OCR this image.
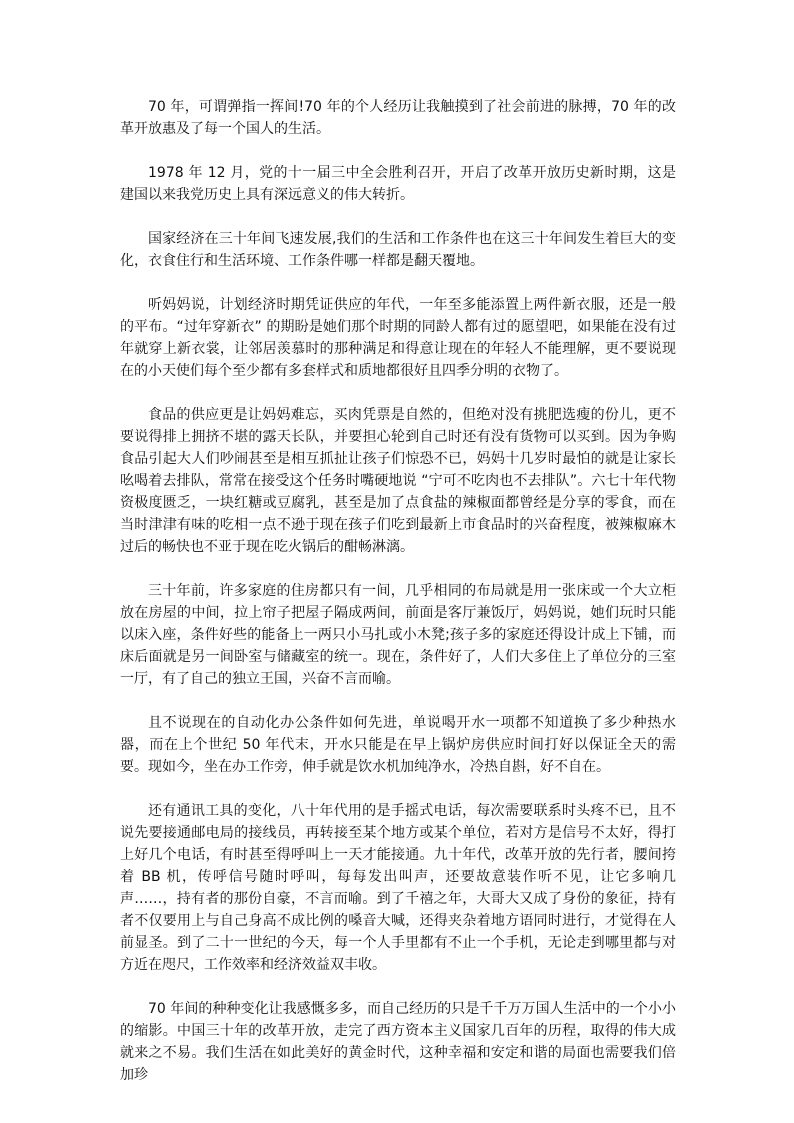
70 年，可谓弹指一挥间!70 年的个人经历让我触摸到了社会前进的脉搏，70 年的改革开放惠及了每一个国人的生活。

1978 年 12 月，党的十一届三中全会胜利召开，开启了改革开放历史新时期，这是建国以来我党历史上具有深远意义的伟大转折。

国家经济在三十年间飞速发展,我们的生活和工作条件也在这三十年间发生着巨大的变化，衣食住行和生活环境、工作条件哪一样都是翻天覆地。

听妈妈说，计划经济时期凭证供应的年代，一年至多能添置上两件新衣服，还是一般的平布。“过年穿新衣” 的期盼是她们那个时期的同龄人都有过的愿望吧，如果能在没有过年就穿上新衣裳，让邻居羡慕时的那种满足和得意让现在的年轻人不能理解，更不要说现在的小天使们每个至少都有多套样式和质地都很好且四季分明的衣物了。

食品的供应更是让妈妈难忘，买肉凭票是自然的，但绝对没有挑肥选瘦的份儿，更不要说得排上拥挤不堪的露天长队，并要担心轮到自己时还有没有货物可以买到。因为争购食品引起大人们吵闹甚至是相互抓扯让孩子们惊恐不已，妈妈十几岁时最怕的就是让家长吆喝着去排队，常常在接受这个任务时嘴硬地说 “宁可不吃肉也不去排队”。六七十年代物资极度匮乏，一块红糖或豆腐乳，甚至是加了点食盐的辣椒面都曾经是分享的零食，而在当时津津有味的吃相一点不逊于现在孩子们吃到最新上市食品时的兴奋程度，被辣椒麻木过后的畅快也不亚于现在吃火锅后的酣畅淋漓。

三十年前，许多家庭的住房都只有一间，几乎相同的布局就是用一张床或一个大立柜放在房屋的中间，拉上帘子把屋子隔成两间，前面是客厅兼饭厅，妈妈说，她们玩时只能以床入座，条件好些的能备上一两只小马扎或小木凳;孩子多的家庭还得设计成上下铺，而床后面就是另一间卧室与储藏室的统一。现在，条件好了，人们大多住上了单位分的三室一厅，有了自己的独立王国，兴奋不言而喻。

且不说现在的自动化办公条件如何先进，单说喝开水一项都不知道换了多少种热水器，而在上个世纪 50 年代末，开水只能是在早上锅炉房供应时间打好以保证全天的需要。现如今，坐在办工作旁，伸手就是饮水机加纯净水，冷热自斟，好不自在。

还有通讯工具的变化，八十年代用的是手摇式电话，每次需要联系时头疼不已，且不说先要接通邮电局的接线员，再转接至某个地方或某个单位，若对方是信号不太好，得打上好几个电话，有时甚至得呼叫上一天才能接通。九十年代，改革开放的先行者，腰间挎着 BB 机，传呼信号随时呼叫，每每发出叫声，还要故意装作听不见，让它多响几声……，持有者的那份自豪，不言而喻。到了千禧之年，大哥大又成了身份的象征，持有者不仅要用上与自己身高不成比例的嗓音大喊，还得夹杂着地方语同时进行，才觉得在人前显圣。到了二十一世纪的今天，每一个人手里都有不止一个手机，无论走到哪里都与对方近在咫尺，工作效率和经济效益双丰收。

70 年间的种种变化让我感慨多多，而自己经历的只是千千万万国人生活中的一个小小的缩影。中国三十年的改革开放，走完了西方资本主义国家几百年的历程，取得的伟大成就来之不易。我们生活在如此美好的黄金时代，这种幸福和安定和谐的局面也需要我们倍加珍
